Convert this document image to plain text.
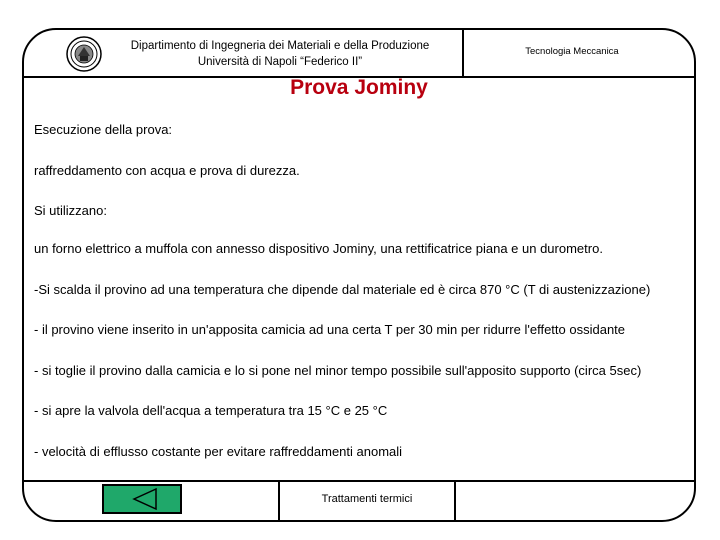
Dipartimento di Ingegneria dei Materiali e della Produzione
Università di Napoli “Federico II”
Tecnologia Meccanica
Prova Jominy
Esecuzione della prova:
raffreddamento con acqua e prova di durezza.
Si utilizzano:
un forno elettrico a muffola con annesso dispositivo Jominy, una rettificatrice piana e un durometro.
-Si scalda il provino ad una temperatura che dipende dal materiale ed è circa 870 °C (T di austenizzazione)
- il provino viene inserito in un'apposita camicia ad una certa T per 30 min per ridurre l'effetto ossidante
- si toglie il provino dalla camicia e lo si pone nel minor tempo possibile sull'apposito supporto (circa 5sec)
- si apre la valvola dell'acqua a temperatura tra 15 °C e 25 °C
- velocità di efflusso costante per evitare raffreddamenti anomali
Trattamenti termici
